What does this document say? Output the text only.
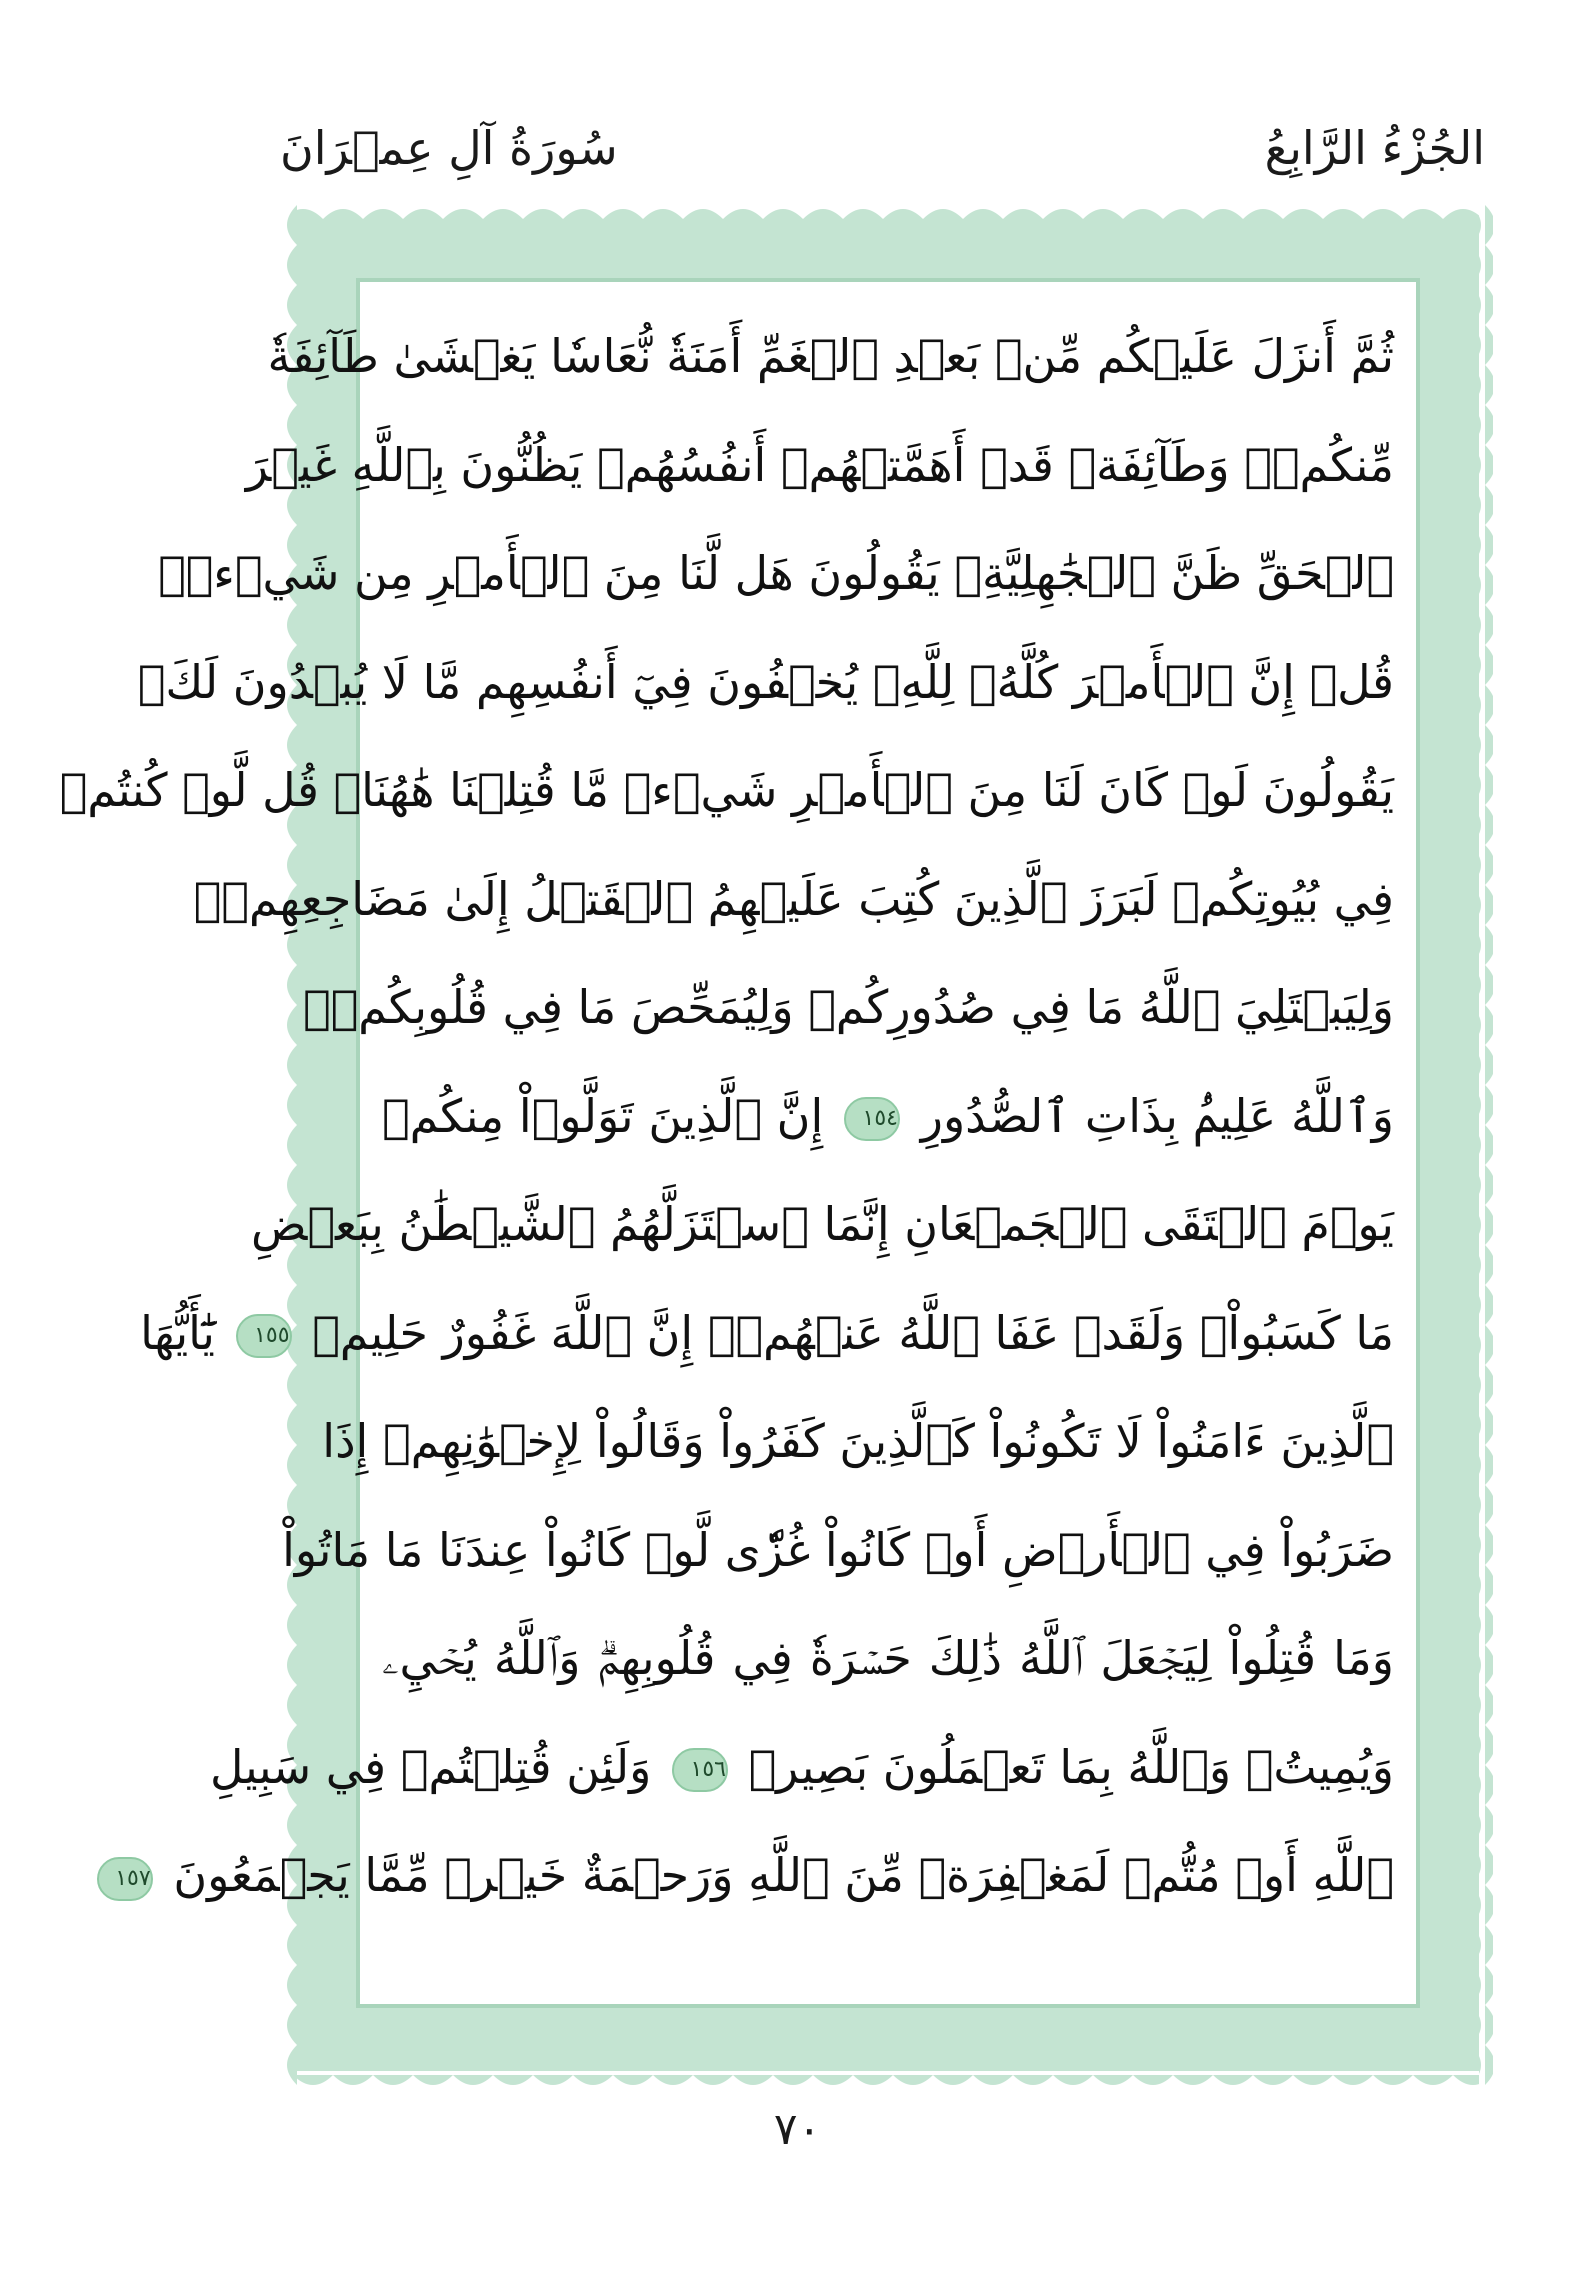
الجُزْءُ الرَّابِعُ
سُورَةُ آلِ عِمۡرَانَ
ثُمَّ أَنزَلَ عَلَيۡكُم مِّنۢ بَعۡدِ ٱلۡغَمِّ أَمَنَةٗ نُّعَاسٗا يَغۡشَىٰ طَآئِفَةٗ
مِّنكُمۡۖ وَطَآئِفَةٞ قَدۡ أَهَمَّتۡهُمۡ أَنفُسُهُمۡ يَظُنُّونَ بِٱللَّهِ غَيۡرَ
ٱلۡحَقِّ ظَنَّ ٱلۡجَٰهِلِيَّةِۖ يَقُولُونَ هَل لَّنَا مِنَ ٱلۡأَمۡرِ مِن شَيۡءٖۗ
قُلۡ إِنَّ ٱلۡأَمۡرَ كُلَّهُۥ لِلَّهِۗ يُخۡفُونَ فِيٓ أَنفُسِهِم مَّا لَا يُبۡدُونَ لَكَۖ
يَقُولُونَ لَوۡ كَانَ لَنَا مِنَ ٱلۡأَمۡرِ شَيۡءٞ مَّا قُتِلۡنَا هَٰهُنَاۗ قُل لَّوۡ كُنتُمۡ
فِي بُيُوتِكُمۡ لَبَرَزَ ٱلَّذِينَ كُتِبَ عَلَيۡهِمُ ٱلۡقَتۡلُ إِلَىٰ مَضَاجِعِهِمۡۖ
وَلِيَبۡتَلِيَ ٱللَّهُ مَا فِي صُدُورِكُمۡ وَلِيُمَحِّصَ مَا فِي قُلُوبِكُمۡۚ
وَٱللَّهُ عَلِيمُۢ بِذَاتِ ٱلصُّدُورِ ١٥٤ إِنَّ ٱلَّذِينَ تَوَلَّوۡاْ مِنكُمۡ
يَوۡمَ ٱلۡتَقَى ٱلۡجَمۡعَانِ إِنَّمَا ٱسۡتَزَلَّهُمُ ٱلشَّيۡطَٰنُ بِبَعۡضِ
مَا كَسَبُواْۖ وَلَقَدۡ عَفَا ٱللَّهُ عَنۡهُمۡۗ إِنَّ ٱللَّهَ غَفُورٌ حَلِيمٞ ١٥٥ يَٰٓأَيُّهَا
ٱلَّذِينَ ءَامَنُواْ لَا تَكُونُواْ كَٱلَّذِينَ كَفَرُواْ وَقَالُواْ لِإِخۡوَٰنِهِمۡ إِذَا
ضَرَبُواْ فِي ٱلۡأَرۡضِ أَوۡ كَانُواْ غُزّٗى لَّوۡ كَانُواْ عِندَنَا مَا مَاتُواْ
وَمَا قُتِلُواْ لِيَجۡعَلَ ٱللَّهُ ذَٰلِكَ حَسۡرَةٗ فِي قُلُوبِهِمۡۗ وَٱللَّهُ يُحۡيِۦ
وَيُمِيتُۗ وَٱللَّهُ بِمَا تَعۡمَلُونَ بَصِيرٞ ١٥٦ وَلَئِن قُتِلۡتُمۡ فِي سَبِيلِ
ٱللَّهِ أَوۡ مُتُّمۡ لَمَغۡفِرَةٞ مِّنَ ٱللَّهِ وَرَحۡمَةٌ خَيۡرٞ مِّمَّا يَجۡمَعُونَ ١٥٧
٧٠
